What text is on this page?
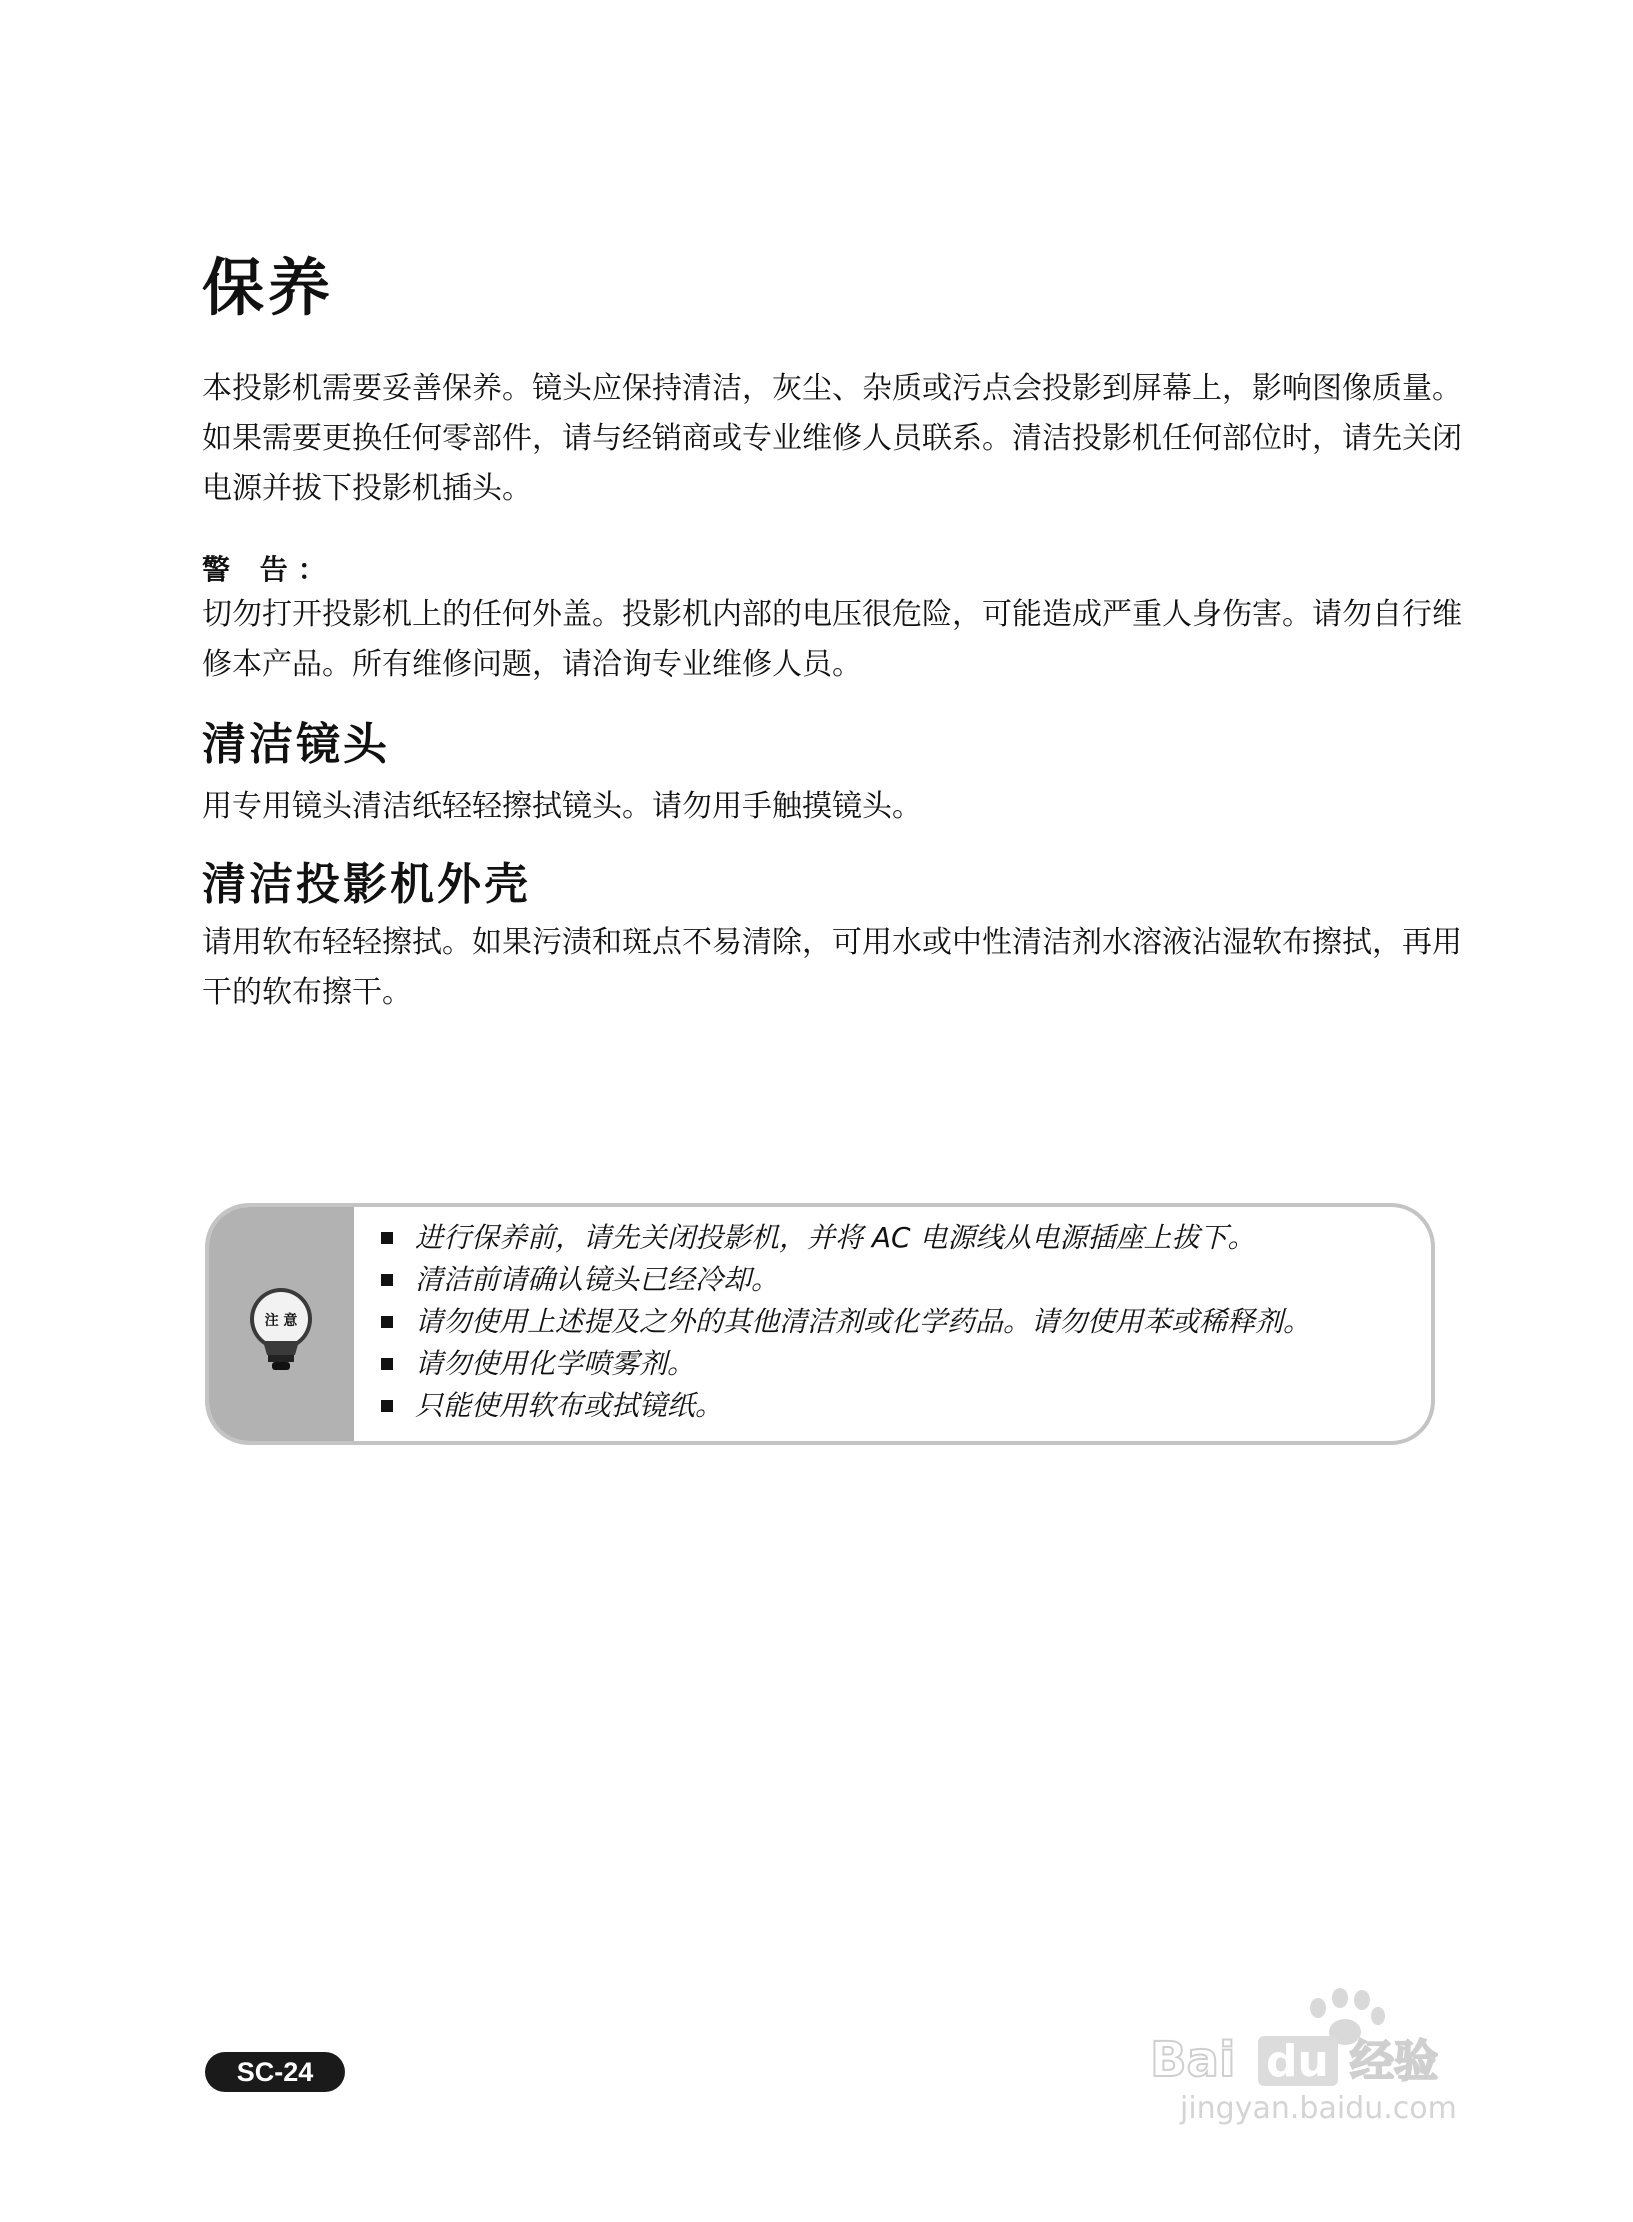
保养

本投影机需要妥善保养。镜头应保持清洁，灰尘、杂质或污点会投影到屏幕上，影响图像质量。如果需要更换任何零部件，请与经销商或专业维修人员联系。清洁投影机任何部位时，请先关闭电源并拔下投影机插头。

警 告：

切勿打开投影机上的任何外盖。投影机内部的电压很危险，可能造成严重人身伤害。请勿自行维修本产品。所有维修问题，请洽询专业维修人员。

清洁镜头

用专用镜头清洁纸轻轻擦拭镜头。请勿用手触摸镜头。

清洁投影机外壳

请用软布轻轻擦拭。如果污渍和斑点不易清除，可用水或中性清洁剂水溶液沾湿软布擦拭，再用干的软布擦干。

注 意
进行保养前，请先关闭投影机，并将 AC 电源线从电源插座上拔下。
清洁前请确认镜头已经冷却。
请勿使用上述提及之外的其他清洁剂或化学药品。请勿使用苯或稀释剂。
请勿使用化学喷雾剂。
只能使用软布或拭镜纸。
SC-24	Bai du 经验
jingyan.baidu.com
